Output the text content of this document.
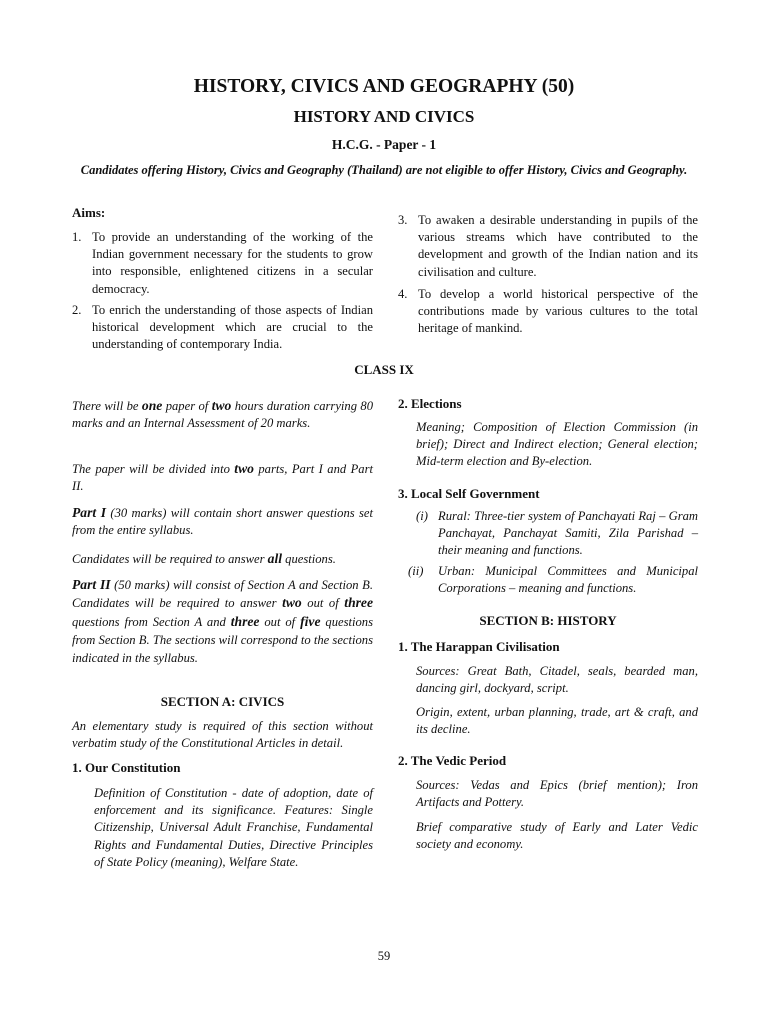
HISTORY, CIVICS AND GEOGRAPHY (50)
HISTORY AND CIVICS
H.C.G. - Paper - 1
Candidates offering History, Civics and Geography (Thailand) are not eligible to offer History, Civics and Geography.
Aims:
1. To provide an understanding of the working of the Indian government necessary for the students to grow into responsible, enlightened citizens in a secular democracy.
2. To enrich the understanding of those aspects of Indian historical development which are crucial to the understanding of contemporary India.
3. To awaken a desirable understanding in pupils of the various streams which have contributed to the development and growth of the Indian nation and its civilisation and culture.
4. To develop a world historical perspective of the contributions made by various cultures to the total heritage of mankind.
CLASS IX
There will be one paper of two hours duration carrying 80 marks and an Internal Assessment of 20 marks.
The paper will be divided into two parts, Part I and Part II.
Part I (30 marks) will contain short answer questions set from the entire syllabus.
Candidates will be required to answer all questions.
Part II (50 marks) will consist of Section A and Section B. Candidates will be required to answer two out of three questions from Section A and three out of five questions from Section B. The sections will correspond to the sections indicated in the syllabus.
SECTION A: CIVICS
An elementary study is required of this section without verbatim study of the Constitutional Articles in detail.
1. Our Constitution
Definition of Constitution - date of adoption, date of enforcement and its significance. Features: Single Citizenship, Universal Adult Franchise, Fundamental Rights and Fundamental Duties, Directive Principles of State Policy (meaning), Welfare State.
2. Elections
Meaning; Composition of Election Commission (in brief); Direct and Indirect election; General election; Mid-term election and By-election.
3. Local Self Government
(i) Rural: Three-tier system of Panchayati Raj – Gram Panchayat, Panchayat Samiti, Zila Parishad – their meaning and functions.
(ii)	Urban: Municipal Committees and Municipal Corporations – meaning and functions.
SECTION B: HISTORY
1. The Harappan Civilisation
Sources: Great Bath, Citadel, seals, bearded man, dancing girl, dockyard, script.
Origin, extent, urban planning, trade, art & craft, and its decline.
2. The Vedic Period
Sources: Vedas and Epics (brief mention); Iron Artifacts and Pottery.
Brief comparative study of Early and Later Vedic society and economy.
59
